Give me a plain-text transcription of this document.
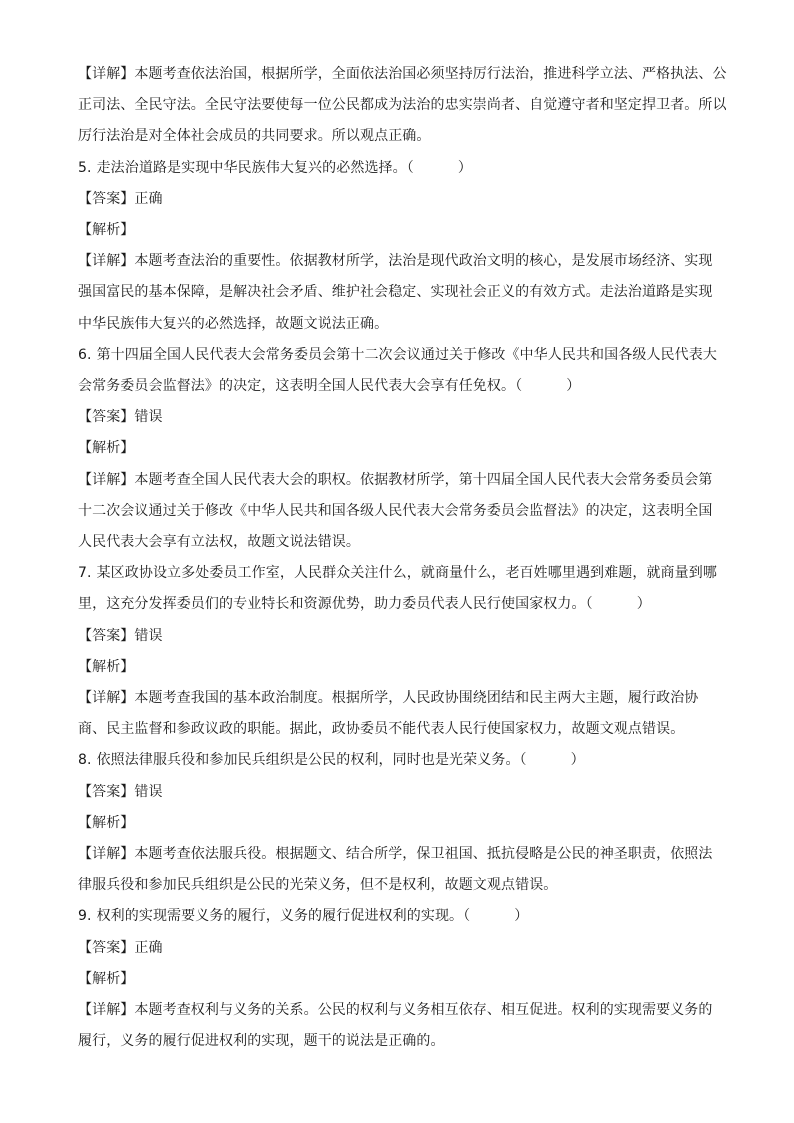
【详解】本题考查依法治国，根据所学，全面依法治国必须坚持厉行法治，推进科学立法、严格执法、公
正司法、全民守法。全民守法要使每一位公民都成为法治的忠实崇尚者、自觉遵守者和坚定捍卫者。所以
厉行法治是对全体社会成员的共同要求。所以观点正确。
5. 走法治道路是实现中华民族伟大复兴的必然选择。（	）
【答案】正确
【解析】
【详解】本题考查法治的重要性。依据教材所学，法治是现代政治文明的核心，是发展市场经济、实现
强国富民的基本保障，是解决社会矛盾、维护社会稳定、实现社会正义的有效方式。走法治道路是实现
中华民族伟大复兴的必然选择，故题文说法正确。
6. 第十四届全国人民代表大会常务委员会第十二次会议通过关于修改《中华人民共和国各级人民代表大
会常务委员会监督法》的决定，这表明全国人民代表大会享有任免权。（	）
【答案】错误
【解析】
【详解】本题考查全国人民代表大会的职权。依据教材所学，第十四届全国人民代表大会常务委员会第
十二次会议通过关于修改《中华人民共和国各级人民代表大会常务委员会监督法》的决定，这表明全国
人民代表大会享有立法权，故题文说法错误。
7. 某区政协设立多处委员工作室，人民群众关注什么，就商量什么，老百姓哪里遇到难题，就商量到哪
里，这充分发挥委员们的专业特长和资源优势，助力委员代表人民行使国家权力。（	）
【答案】错误
【解析】
【详解】本题考查我国的基本政治制度。根据所学，人民政协围绕团结和民主两大主题，履行政治协
商、民主监督和参政议政的职能。据此，政协委员不能代表人民行使国家权力，故题文观点错误。
8. 依照法律服兵役和参加民兵组织是公民的权利，同时也是光荣义务。（	）
【答案】错误
【解析】
【详解】本题考查依法服兵役。根据题文、结合所学，保卫祖国、抵抗侵略是公民的神圣职责，依照法
律服兵役和参加民兵组织是公民的光荣义务，但不是权利，故题文观点错误。
9. 权利的实现需要义务的履行，义务的履行促进权利的实现。（	）
【答案】正确
【解析】
【详解】本题考查权利与义务的关系。公民的权利与义务相互依存、相互促进。权利的实现需要义务的
履行，义务的履行促进权利的实现，题干的说法是正确的。
